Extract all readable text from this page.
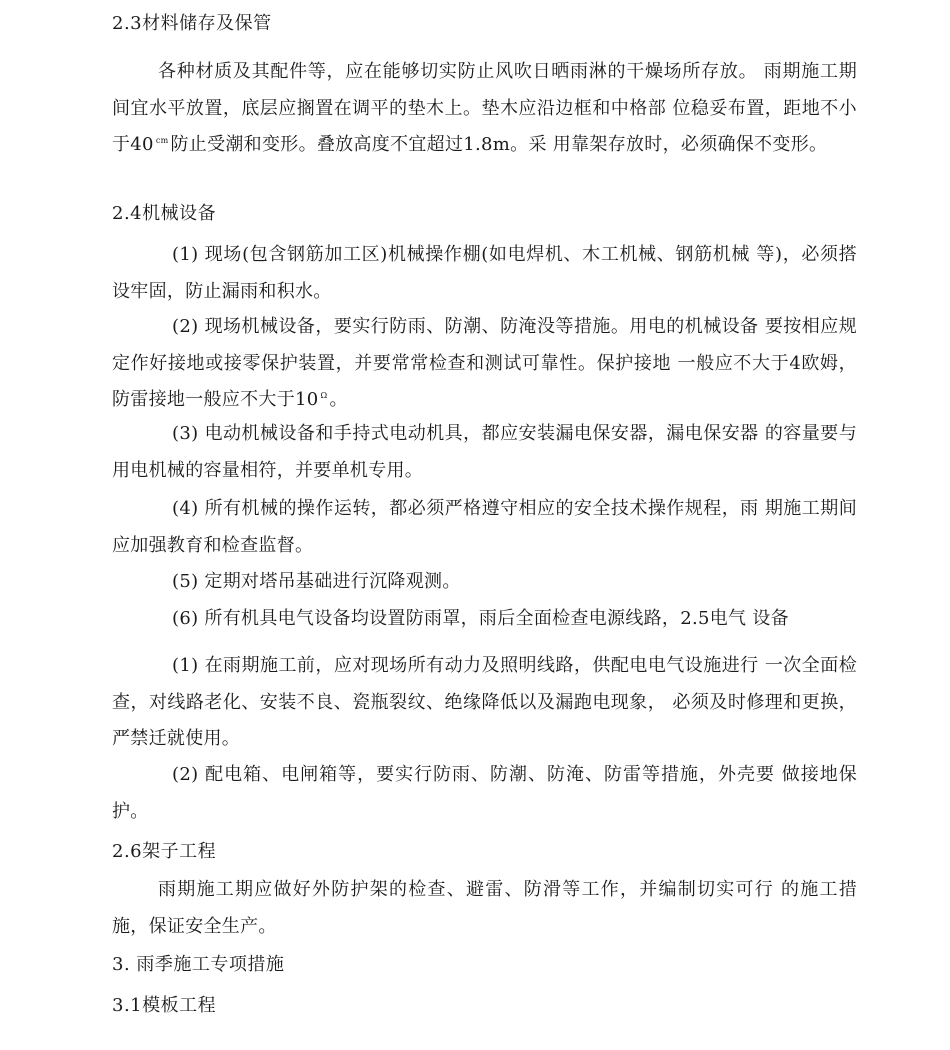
2.3材料储存及保管
各种材质及其配件等，应在能够切实防止风吹日晒雨淋的干燥场所存放。 雨期施工期间宜水平放置，底层应搁置在调平的垫木上。垫木应沿边框和中格部 位稳妥布置，距地不小于40 $^{cm}$ 防止受潮和变形。叠放高度不宜超过1.8m。采 用靠架存放时，必须确保不变形。
2.4机械设备
(1) 现场(包含钢筋加工区)机械操作棚(如电焊机、木工机械、钢筋机械 等)，必须搭设牢固，防止漏雨和积水。
(2) 现场机械设备，要实行防雨、防潮、防淹没等措施。用电的机械设备 要按相应规定作好接地或接零保护装置，并要常常检查和测试可靠性。保护接地 一般应不大于4欧姆，防雷接地一般应不大于10 $^\Omega$ 。
(3) 电动机械设备和手持式电动机具，都应安装漏电保安器，漏电保安器 的容量要与用电机械的容量相符，并要单机专用。
(4) 所有机械的操作运转，都必须严格遵守相应的安全技术操作规程，雨 期施工期间应加强教育和检查监督。
(5) 定期对塔吊基础进行沉降观测。
(6) 所有机具电气设备均设置防雨罩，雨后全面检查电源线路，2.5电气 设备
(1) 在雨期施工前，应对现场所有动力及照明线路，供配电电气设施进行 一次全面检查，对线路老化、安装不良、瓷瓶裂纹、绝缘降低以及漏跑电现象， 必须及时修理和更换，严禁迁就使用。
(2) 配电箱、电闸箱等，要实行防雨、防潮、防淹、防雷等措施，外壳要 做接地保护。
2.6架子工程
雨期施工期应做好外防护架的检查、避雷、防滑等工作，并编制切实可行 的施工措施，保证安全生产。
3. 雨季施工专项措施
3.1模板工程
